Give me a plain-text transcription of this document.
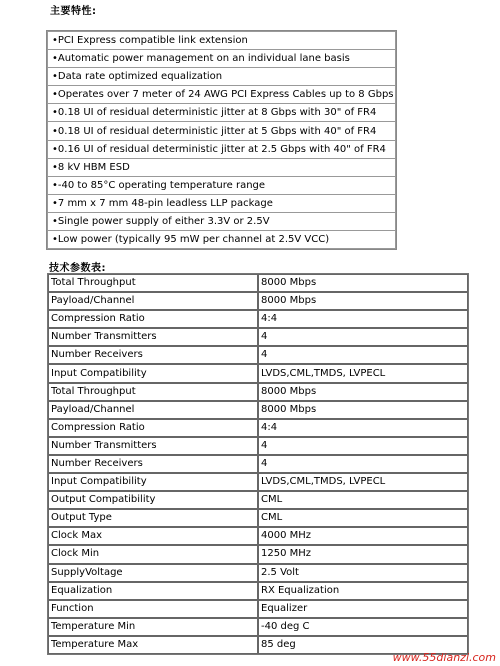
主要特性:
•PCI Express compatible link extension
•Automatic power management on an individual lane basis
•Data rate optimized equalization
•Operates over 7 meter of 24 AWG PCI Express Cables up to 8 Gbps
•0.18 UI of residual deterministic jitter at 8 Gbps with 30" of FR4
•0.18 UI of residual deterministic jitter at 5 Gbps with 40" of FR4
•0.16 UI of residual deterministic jitter at 2.5 Gbps with 40" of FR4
•8 kV HBM ESD
•-40 to 85°C operating temperature range
•7 mm x 7 mm 48-pin leadless LLP package
•Single power supply of either 3.3V or 2.5V
•Low power (typically 95 mW per channel at 2.5V VCC)
技术参数表:
Total Throughput	8000 Mbps
Payload/Channel	8000 Mbps
Compression Ratio	4:4
Number Transmitters	4
Number Receivers	4
Input Compatibility	LVDS,CML,TMDS, LVPECL
Total Throughput	8000 Mbps
Payload/Channel	8000 Mbps
Compression Ratio	4:4
Number Transmitters	4
Number Receivers	4
Input Compatibility	LVDS,CML,TMDS, LVPECL
Output Compatibility	CML
Output Type	CML
Clock Max	4000 MHz
Clock Min	1250 MHz
SupplyVoltage	2.5 Volt
Equalization	RX Equalization
Function	Equalizer
Temperature Min	-40 deg C
Temperature Max	85 deg
www.55dianzi.com
